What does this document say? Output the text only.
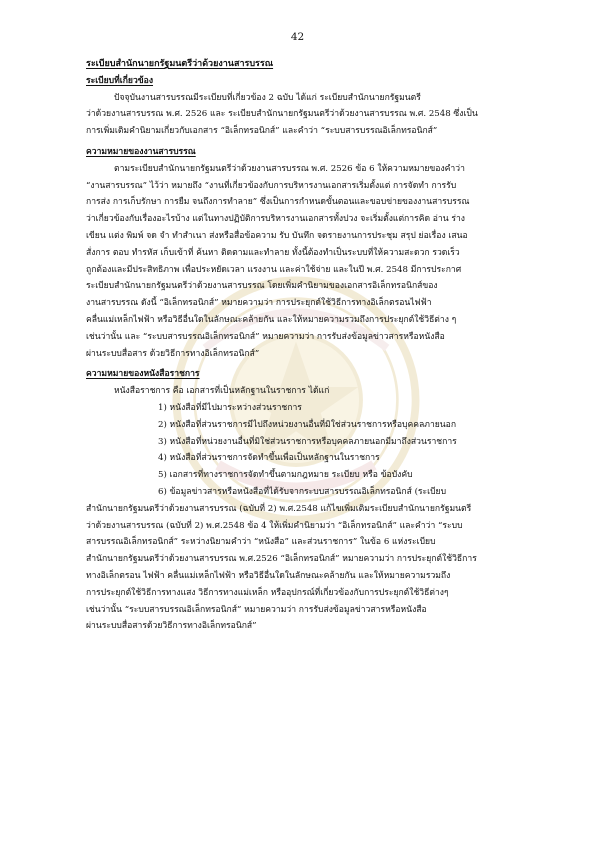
42
ระเบียบสำนักนายกรัฐมนตรีว่าด้วยงานสารบรรณ
ระเบียบที่เกี่ยวข้อง
ปัจจุบันงานสารบรรณมีระเบียบที่เกี่ยวข้อง 2 ฉบับ ได้แก่ ระเบียบสำนักนายกรัฐมนตรี
ว่าด้วยงานสารบรรณ พ.ศ. 2526 และ ระเบียบสำนักนายกรัฐมนตรีว่าด้วยงานสารบรรณ พ.ศ. 2548 ซึ่งเป็น
การเพิ่มเติมคำนิยามเกี่ยวกับเอกสาร “อิเล็กทรอนิกส์” และคำว่า “ระบบสารบรรณอิเล็กทรอนิกส์”
ความหมายของงานสารบรรณ
ตามระเบียบสำนักนายกรัฐมนตรีว่าด้วยงานสารบรรณ พ.ศ. 2526 ข้อ 6 ให้ความหมายของคำว่า
“งานสารบรรณ” ไว้ว่า หมายถึง “งานที่เกี่ยวข้องกับการบริหารงานเอกสารเริ่มตั้งแต่ การจัดทำ การรับ
การส่ง การเก็บรักษา การยืม จนถึงการทำลาย” ซึ่งเป็นการกำหนดขั้นตอนและขอบข่ายของงานสารบรรณ
ว่าเกี่ยวข้องกับเรื่องอะไรบ้าง แต่ในทางปฏิบัติการบริหารงานเอกสารทั้งปวง จะเริ่มตั้งแต่การคิด อ่าน ร่าง
เขียน แต่ง พิมพ์ จด จำ ทำสำเนา ส่งหรือสื่อข้อความ รับ บันทึก จดรายงานการประชุม สรุป ย่อเรื่อง เสนอ
สั่งการ ตอบ ทำรหัส เก็บเข้าที่ ค้นหา ติดตามและทำลาย ทั้งนี้ต้องทำเป็นระบบที่ให้ความสะดวก รวดเร็ว
ถูกต้องและมีประสิทธิภาพ เพื่อประหยัดเวลา แรงงาน และค่าใช้จ่าย และในปี พ.ศ. 2548 มีการประกาศ
ระเบียบสำนักนายกรัฐมนตรีว่าด้วยงานสารบรรณ โดยเพิ่มคำนิยามของเอกสารอิเล็กทรอนิกส์ของ
งานสารบรรณ ดังนี้ “อิเล็กทรอนิกส์” หมายความว่า การประยุกต์ใช้วิธีการทางอิเล็กตรอนไฟฟ้า
คลื่นแม่เหล็กไฟฟ้า หรือวิธีอื่นใดในลักษณะคล้ายกัน และให้หมายความรวมถึงการประยุกต์ใช้วิธีต่าง ๆ
เช่นว่านั้น และ “ระบบสารบรรณอิเล็กทรอนิกส์” หมายความว่า การรับส่งข้อมูลข่าวสารหรือหนังสือ
ผ่านระบบสื่อสาร ด้วยวิธีการทางอิเล็กทรอนิกส์”
ความหมายของหนังสือราชการ
หนังสือราชการ คือ เอกสารที่เป็นหลักฐานในราชการ ได้แก่
1) หนังสือที่มีไปมาระหว่างส่วนราชการ
2) หนังสือที่ส่วนราชการมีไปถึงหน่วยงานอื่นที่มิใช่ส่วนราชการหรือบุคคลภายนอก
3) หนังสือที่หน่วยงานอื่นที่มิใช่ส่วนราชการหรือบุคคลภายนอกมีมาถึงส่วนราชการ
4) หนังสือที่ส่วนราชการจัดทำขึ้นเพื่อเป็นหลักฐานในราชการ
5) เอกสารที่ทางราชการจัดทำขึ้นตามกฎหมาย ระเบียบ หรือ ข้อบังคับ
6) ข้อมูลข่าวสารหรือหนังสือที่ได้รับจากระบบสารบรรณอิเล็กทรอนิกส์ (ระเบียบ
สำนักนายกรัฐมนตรีว่าด้วยงานสารบรรณ (ฉบับที่ 2) พ.ศ.2548 แก้ไขเพิ่มเติมระเบียบสำนักนายกรัฐมนตรี
ว่าด้วยงานสารบรรณ (ฉบับที่ 2) พ.ศ.2548 ข้อ 4 ให้เพิ่มคำนิยามว่า “อิเล็กทรอนิกส์” และคำว่า “ระบบ
สารบรรณอิเล็กทรอนิกส์” ระหว่างนิยามคำว่า “หนังสือ” และส่วนราชการ” ในข้อ 6 แห่งระเบียบ
สำนักนายกรัฐมนตรีว่าด้วยงานสารบรรณ พ.ศ.2526 “อิเล็กทรอนิกส์” หมายความว่า การประยุกต์ใช้วิธีการ
ทางอิเล็กตรอน ไฟฟ้า คลื่นแม่เหล็กไฟฟ้า หรือวิธีอื่นใดในลักษณะคล้ายกัน และให้หมายความรวมถึง
การประยุกต์ใช้วิธีการทางแสง วิธีการทางแม่เหล็ก หรืออุปกรณ์ที่เกี่ยวข้องกับการประยุกต์ใช้วิธีต่างๆ
เช่นว่านั้น “ระบบสารบรรณอิเล็กทรอนิกส์” หมายความว่า การรับส่งข้อมูลข่าวสารหรือหนังสือ
ผ่านระบบสื่อสารด้วยวิธีการทางอิเล็กทรอนิกส์”
